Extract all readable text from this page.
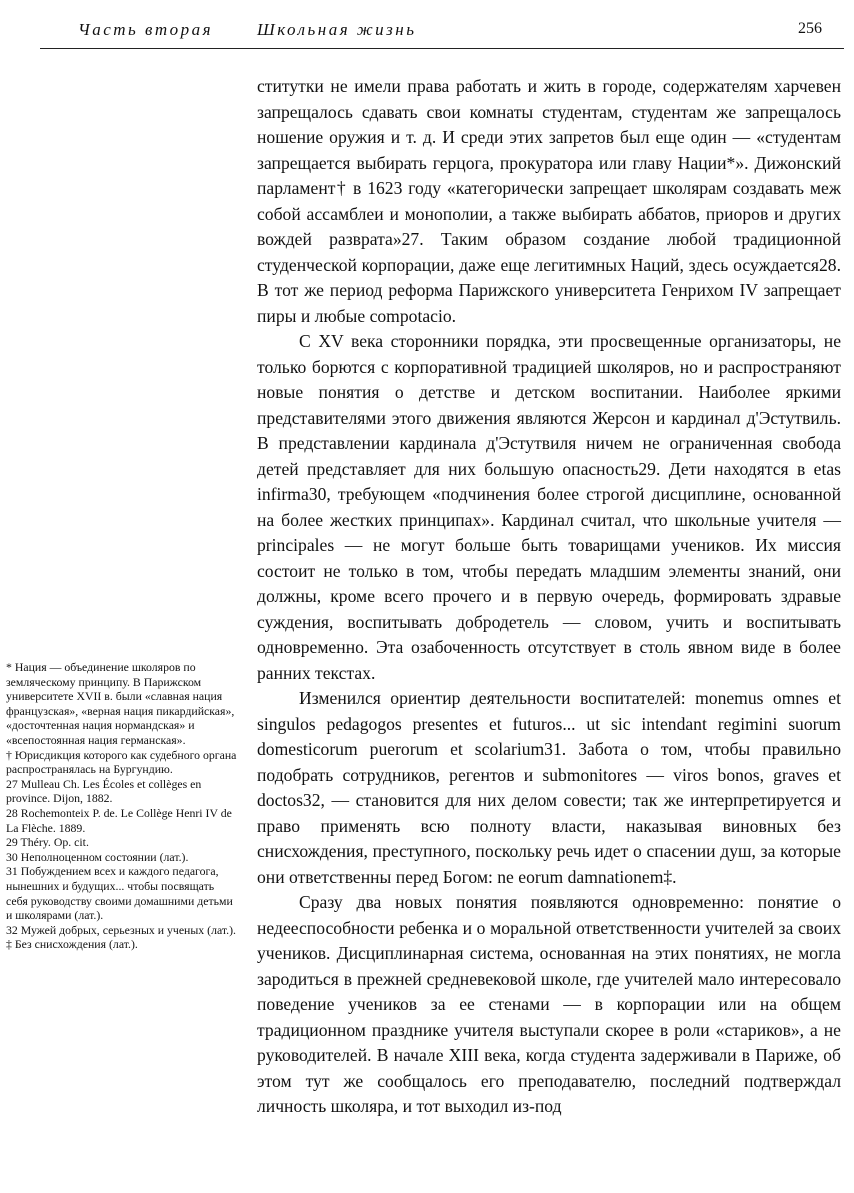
Часть вторая	Школьная жизнь	256

ститутки не имели права работать и жить в городе, содержателям харчевен запрещалось сдавать свои комнаты студентам, студентам же запрещалось ношение оружия и т. д. И среди этих запретов был еще один — «студентам запрещается выбирать герцога, прокуратора или главу Нации*». Дижонский парламент† в 1623 году «категорически запрещает школярам создавать меж собой ассамблеи и монополии, а также выбирать аббатов, приоров и других вождей разврата»27. Таким образом создание любой традиционной студенческой корпорации, даже еще легитимных Наций, здесь осуждается28. В тот же период реформа Парижского университета Генрихом IV запрещает пиры и любые compotacio.

С XV века сторонники порядка, эти просвещенные организаторы, не только борются с корпоративной традицией школяров, но и распространяют новые понятия о детстве и детском воспитании. Наиболее яркими представителями этого движения являются Жерсон и кардинал д'Эстутвиль. В представлении кардинала д'Эстутвиля ничем не ограниченная свобода детей представляет для них большую опасность29. Дети находятся в etas infirma30, требующем «подчинения более строгой дисциплине, основанной на более жестких принципах». Кардинал считал, что школьные учителя — principales — не могут больше быть товарищами учеников. Их миссия состоит не только в том, чтобы передать младшим элементы знаний, они должны, кроме всего прочего и в первую очередь, формировать здравые суждения, воспитывать добродетель — словом, учить и воспитывать одновременно. Эта озабоченность отсутствует в столь явном виде в более ранних текстах.

Изменился ориентир деятельности воспитателей: monemus omnes et singulos pedagogos presentes et futuros... ut sic intendant regimini suorum domesticorum puerorum et scolarium31. Забота о том, чтобы правильно подобрать сотрудников, регентов и submonitores — viros bonos, graves et doctos32, — становится для них делом совести; так же интерпретируется и право применять всю полноту власти, наказывая виновных без снисхождения, преступного, поскольку речь идет о спасении душ, за которые они ответственны перед Богом: ne eorum damnationem‡.

Сразу два новых понятия появляются одновременно: понятие о недееспособности ребенка и о моральной ответственности учителей за своих учеников. Дисциплинарная система, основанная на этих понятиях, не могла зародиться в прежней средневековой школе, где учителей мало интересовало поведение учеников за ее стенами — в корпорации или на общем традиционном празднике учителя выступали скорее в роли «стариков», а не руководителей. В начале XIII века, когда студента задерживали в Париже, об этом тут же сообщалось его преподавателю, последний подтверждал личность школяра, и тот выходил из-под

* Нация — объединение школяров по земляческому принципу. В Парижском университете XVII в. были «славная нация французская», «верная нация пикардийская», «досточтенная нация нормандская» и «всепостоянная нация германская».
† Юрисдикция которого как судебного органа распространялась на Бургундию.
27 Mulleau Ch. Les Écoles et collèges en province. Dijon, 1882.
28 Rochemonteix P. de. Le Collège Henri IV de La Flèche. 1889.
29 Théry. Op. cit.
30 Неполноценном состоянии (лат.).
31 Побуждением всех и каждого педагога, нынешних и будущих... чтобы посвящать себя руководству своими домашними детьми и школярами (лат.).
32 Мужей добрых, серьезных и ученых (лат.).
‡ Без снисхождения (лат.).
